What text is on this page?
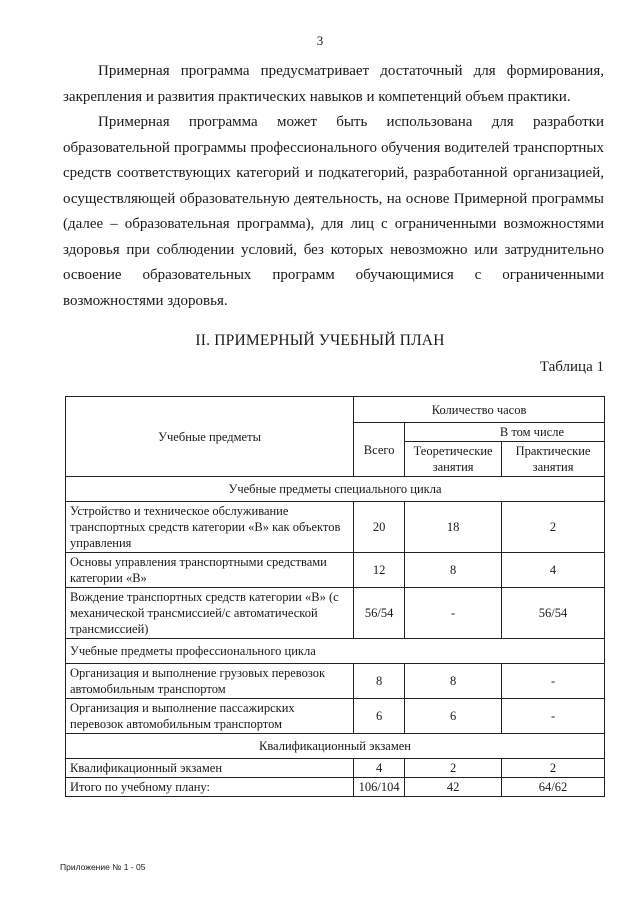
3
Примерная программа предусматривает достаточный для формирования, закрепления и развития практических навыков и компетенций объем практики.
Примерная программа может быть использована для разработки образовательной программы профессионального обучения водителей транспортных средств соответствующих категорий и подкатегорий, разработанной организацией, осуществляющей образовательную деятельность, на основе Примерной программы (далее – образовательная программа), для лиц с ограниченными возможностями здоровья при соблюдении условий, без которых невозможно или затруднительно освоение образовательных программ обучающимися с ограниченными возможностями здоровья.
II. ПРИМЕРНЫЙ УЧЕБНЫЙ ПЛАН
Таблица 1
Учебные предметы	Количество часов		
	Всего	В том числе	
		Теоретические занятия	Практические занятия
Учебные предметы специального цикла			
Устройство и техническое обслуживание транспортных средств категории «B» как объектов управления	20	18	2
Основы управления транспортными средствами категории «B»	12	8	4
Вождение транспортных средств категории «B» (с механической трансмиссией/с автоматической трансмиссией)	56/54	-	56/54
Учебные предметы профессионального цикла			
Организация и выполнение грузовых перевозок автомобильным транспортом	8	8	-
Организация и выполнение пассажирских перевозок автомобильным транспортом	6	6	-
Квалификационный экзамен			
Квалификационный экзамен	4	2	2
Итого по учебному плану:	106/104	42	64/62
Приложение № 1 - 05
